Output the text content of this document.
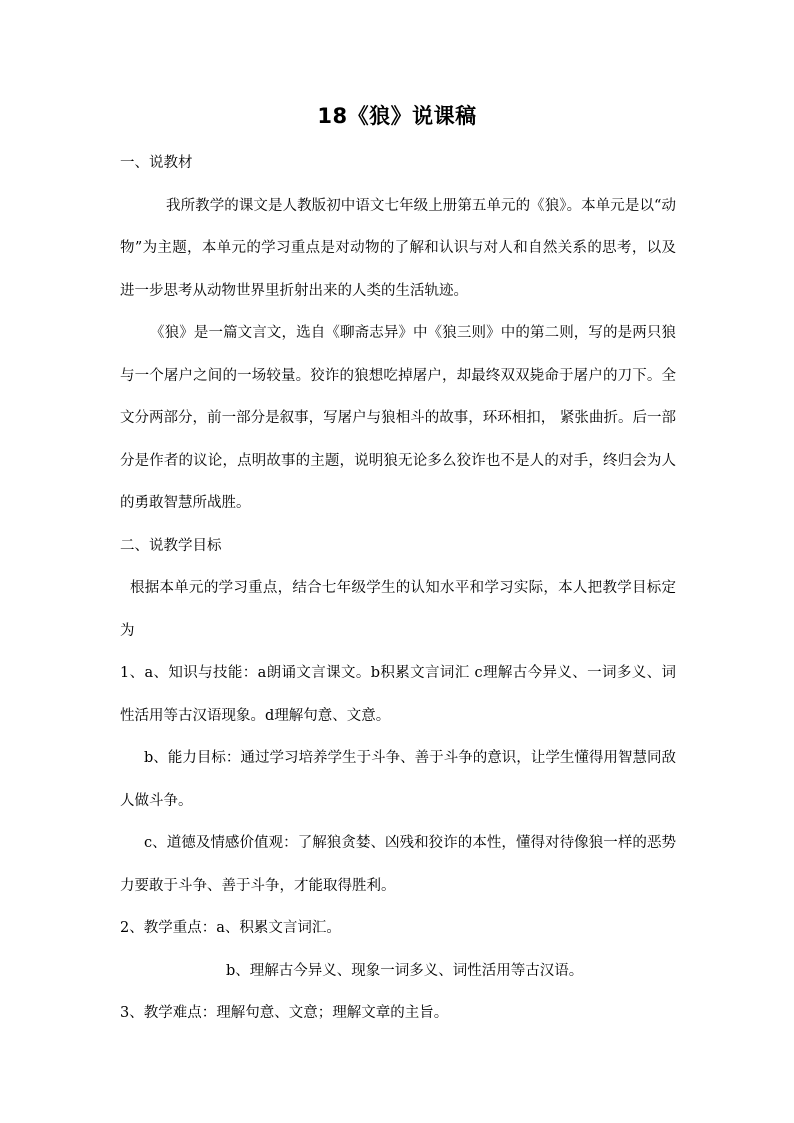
18《狼》说课稿

一、说教材

我所教学的课文是人教版初中语文七年级上册第五单元的《狼》。本单元是以“动物”为主题，本单元的学习重点是对动物的了解和认识与对人和自然关系的思考，以及进一步思考从动物世界里折射出来的人类的生活轨迹。

《狼》是一篇文言文，选自《聊斋志异》中《狼三则》中的第二则，写的是两只狼与一个屠户之间的一场较量。狡诈的狼想吃掉屠户，却最终双双毙命于屠户的刀下。全文分两部分，前一部分是叙事，写屠户与狼相斗的故事，环环相扣， 紧张曲折。后一部分是作者的议论，点明故事的主题，说明狼无论多么狡诈也不是人的对手，终归会为人的勇敢智慧所战胜。

二、说教学目标

根据本单元的学习重点，结合七年级学生的认知水平和学习实际，本人把教学目标定为

1、a、知识与技能：a朗诵文言课文。b积累文言词汇 c理解古今异义、一词多义、词性活用等古汉语现象。d理解句意、文意。

b、能力目标：通过学习培养学生于斗争、善于斗争的意识，让学生懂得用智慧同敌人做斗争。

c、道德及情感价值观：了解狼贪婪、凶残和狡诈的本性，懂得对待像狼一样的恶势力要敢于斗争、善于斗争，才能取得胜利。

2、教学重点：a、积累文言词汇。

b、理解古今异义、现象一词多义、词性活用等古汉语。

3、教学难点：理解句意、文意；理解文章的主旨。
